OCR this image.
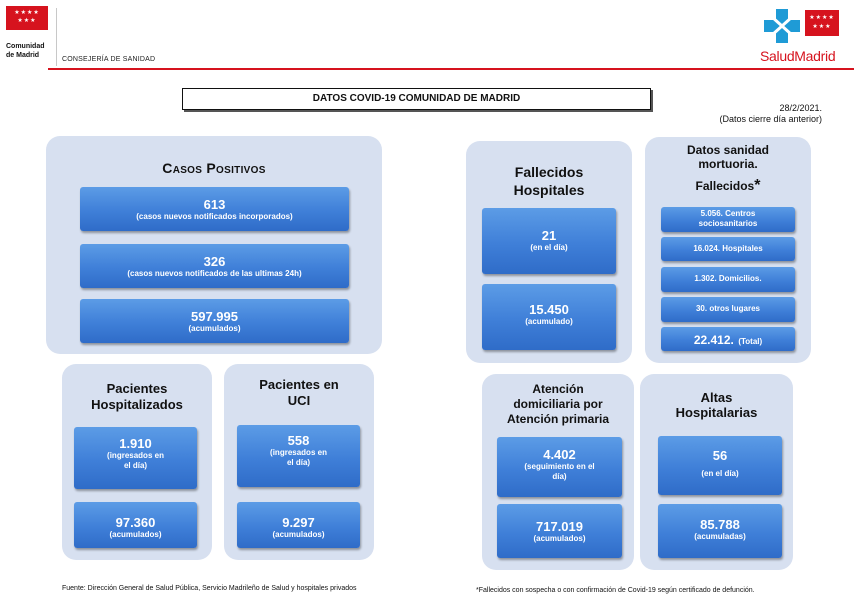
★★★★
★★★
Comunidad
de Madrid
CONSEJERÍA DE SANIDAD
★★★★
★★★
SaludMadrid
DATOS COVID-19 COMUNIDAD DE MADRID
28/2/2021.
(Datos cierre día anterior)
Casos Positivos
613
(casos nuevos notificados incorporados)
326
(casos nuevos notificados de las ultimas 24h)
597.995
(acumulados)
Pacientes
Hospitalizados
1.910
(ingresados en
el día)
97.360
(acumulados)
Pacientes en
UCI
558
(ingresados en
el día)
9.297
(acumulados)
Fallecidos
Hospitales
21
(en el día)
15.450
(acumulado)
Datos sanidad
mortuoria.
Fallecidos*
5.056. Centros
sociosanitarios
16.024. Hospitales
1.302. Domicilios.
30. otros lugares
22.412. (Total)
Atención
domiciliaria por
Atención primaria
4.402
(seguimiento en el
día)
717.019
(acumulados)
Altas
Hospitalarias
56
(en el día)
85.788
(acumuladas)
Fuente: Dirección General de Salud Pública, Servicio Madrileño de Salud y hospitales privados	*Fallecidos con sospecha o con confirmación de Covid-19 según certificado de defunción.
